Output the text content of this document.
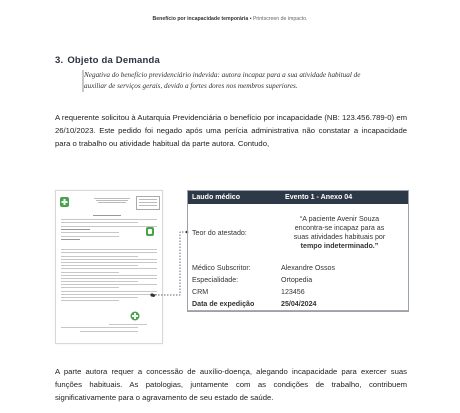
Benefício por incapacidade temporária • Printscreen de impacto.
3. Objeto da Demanda
Negativa do benefício previdenciário indevida: autora incapaz para a sua atividade habitual de
auxiliar de serviços gerais, devido a fortes dores nos membros superiores.
A requerente solicitou à Autarquia Previdenciária o benefício por incapacidade (NB: 123.456.789-0) em 26/10/2023. Este pedido foi negado após uma perícia administrativa não constatar a incapacidade para o trabalho ou atividade habitual da parte autora. Contudo,
Laudo médico	Evento 1 - Anexo 04
Teor do atestado:
“A paciente Avenir Souza
encontra-se incapaz para as
suas atividades habituais por
tempo indeterminado.”
Médico Subscritor:	Alexandre Ossos
Especialidade:	Ortopedia
CRM	123456
Data de expedição	25/04/2024
A parte autora requer a concessão de auxílio-doença, alegando incapacidade para exercer suas funções habituais. As patologias, juntamente com as condições de trabalho, contribuem significativamente para o agravamento de seu estado de saúde.
